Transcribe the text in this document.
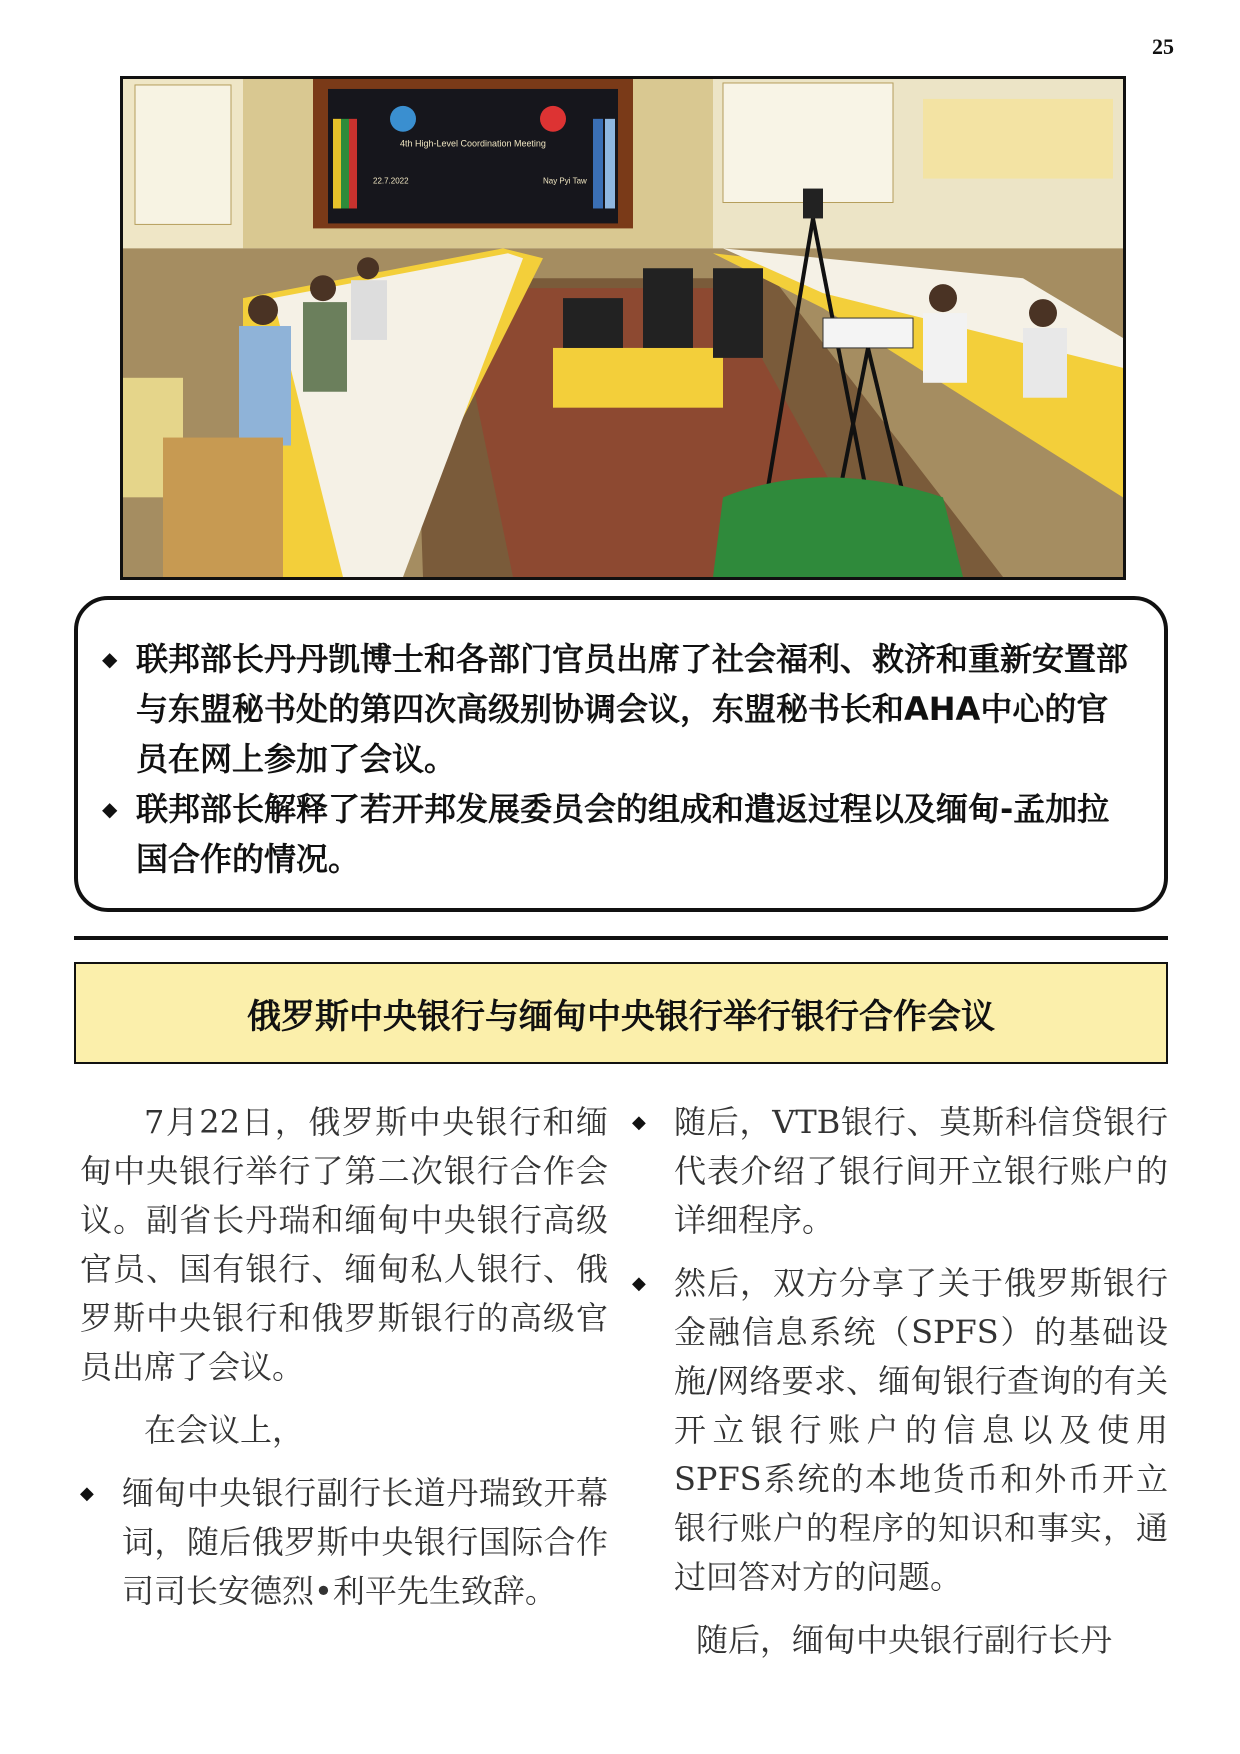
25
4th High-Level Coordination Meeting
22.7.2022	Nay Pyi Taw
◆ 联邦部长丹丹凯博士和各部门官员出席了社会福利、救济和重新安置部与东盟秘书处的第四次高级别协调会议，东盟秘书长和AHA中心的官员在网上参加了会议。
◆ 联邦部长解释了若开邦发展委员会的组成和遣返过程以及缅甸-孟加拉国合作的情况。
俄罗斯中央银行与缅甸中央银行举行银行合作会议

7月22日，俄罗斯中央银行和缅甸中央银行举行了第二次银行合作会议。副省长丹瑞和缅甸中央银行高级官员、国有银行、缅甸私人银行、俄罗斯中央银行和俄罗斯银行的高级官员出席了会议。

在会议上，

◆ 缅甸中央银行副行长道丹瑞致开幕词，随后俄罗斯中央银行国际合作司司长安德烈•利平先生致辞。
◆ 随后，VTB银行、莫斯科信贷银行代表介绍了银行间开立银行账户的详细程序。
◆ 然后，双方分享了关于俄罗斯银行金融信息系统（SPFS）的基础设施/网络要求、缅甸银行查询的有关开立银行账户的信息以及使用SPFS系统的本地货币和外币开立银行账户的程序的知识和事实，通过回答对方的问题。

随后，缅甸中央银行副行长丹
